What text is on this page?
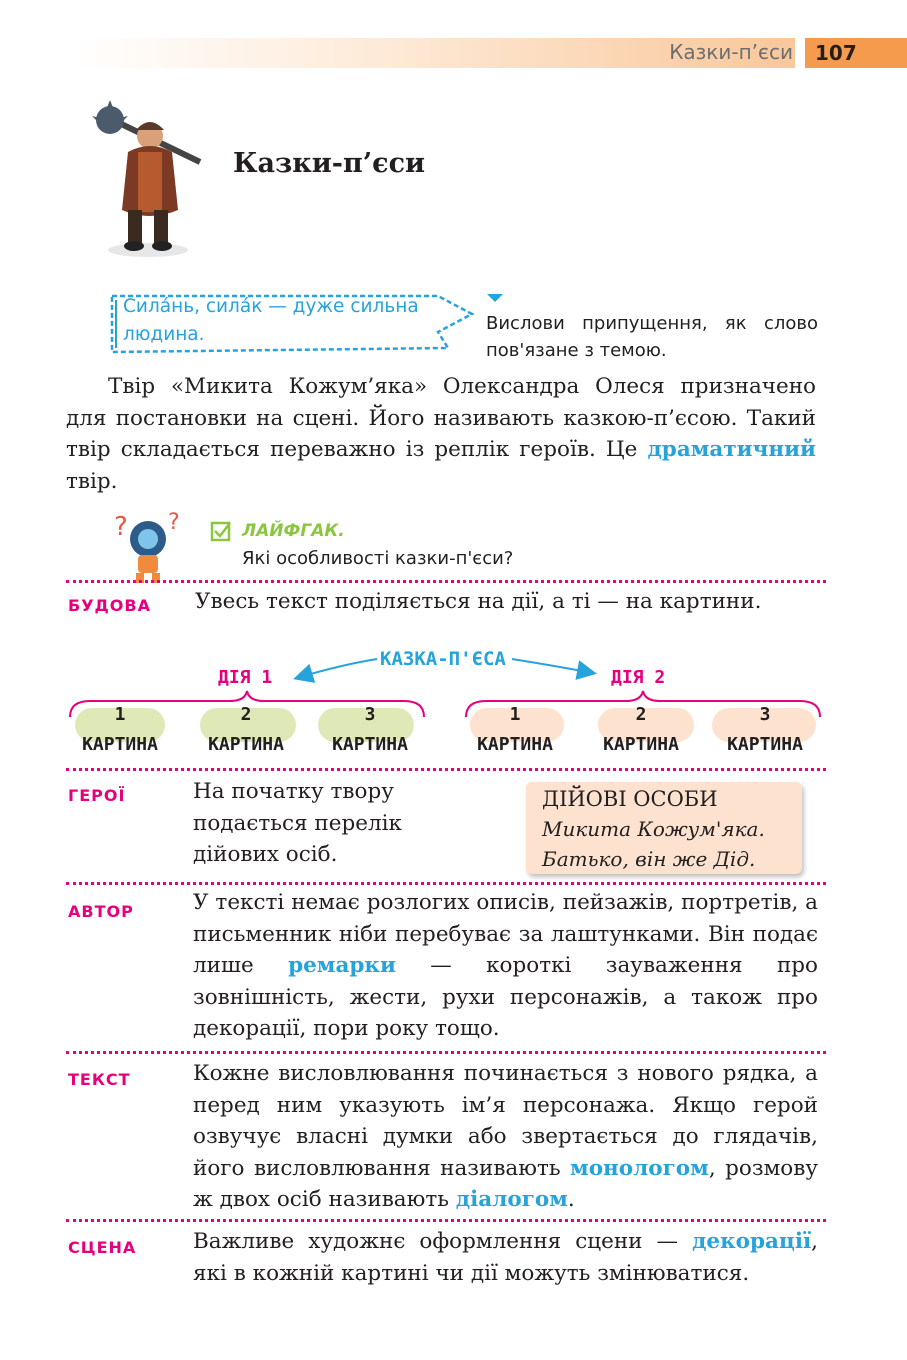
Казки-п’єси	107
Казки-п’єси
Сила́нь, сила́к — дуже сильна людина.
Вислови припущення, як слово пов'язане з темою.
Твір «Микита Кожум’яка» Олександра Олеся призначено для постановки на сцені. Його називають казкою-п’єсою. Такий твір складається переважно із реплік героїв. Це драматичний твір.
? ?	ЛАЙФГАК.
Які особливості казки-п'єси?
БУДОВА Увесь текст поділяється на дії, а ті — на картини.
КАЗКА-П'ЄСА
ДІЯ 1	ДІЯ 2
1
КАРТИНА
2
КАРТИНА
3
КАРТИНА
1
КАРТИНА
2
КАРТИНА
3
КАРТИНА
ГЕРОЇ	На початку твору подається перелік дійових осіб.
ДІЙОВІ ОСОБИ
Микита Кожум'яка.
Батько, він же Дід.
АВТОР	У тексті немає розлогих описів, пейзажів, портретів, а письменник ніби перебуває за лаштунками. Він подає лише ремарки — короткі зауваження про зовнішність, жести, рухи персонажів, а також про декорації, пори року тощо.
ТЕКСТ	Кожне висловлювання починається з нового рядка, а перед ним указують ім’я персонажа. Якщо герой озвучує власні думки або звертається до глядачів, його висловлювання називають монологом, розмову ж двох осіб називають діалогом.
СЦЕНА	Важливе художнє оформлення сцени — декорації, які в кожній картині чи дії можуть змінюватися.
